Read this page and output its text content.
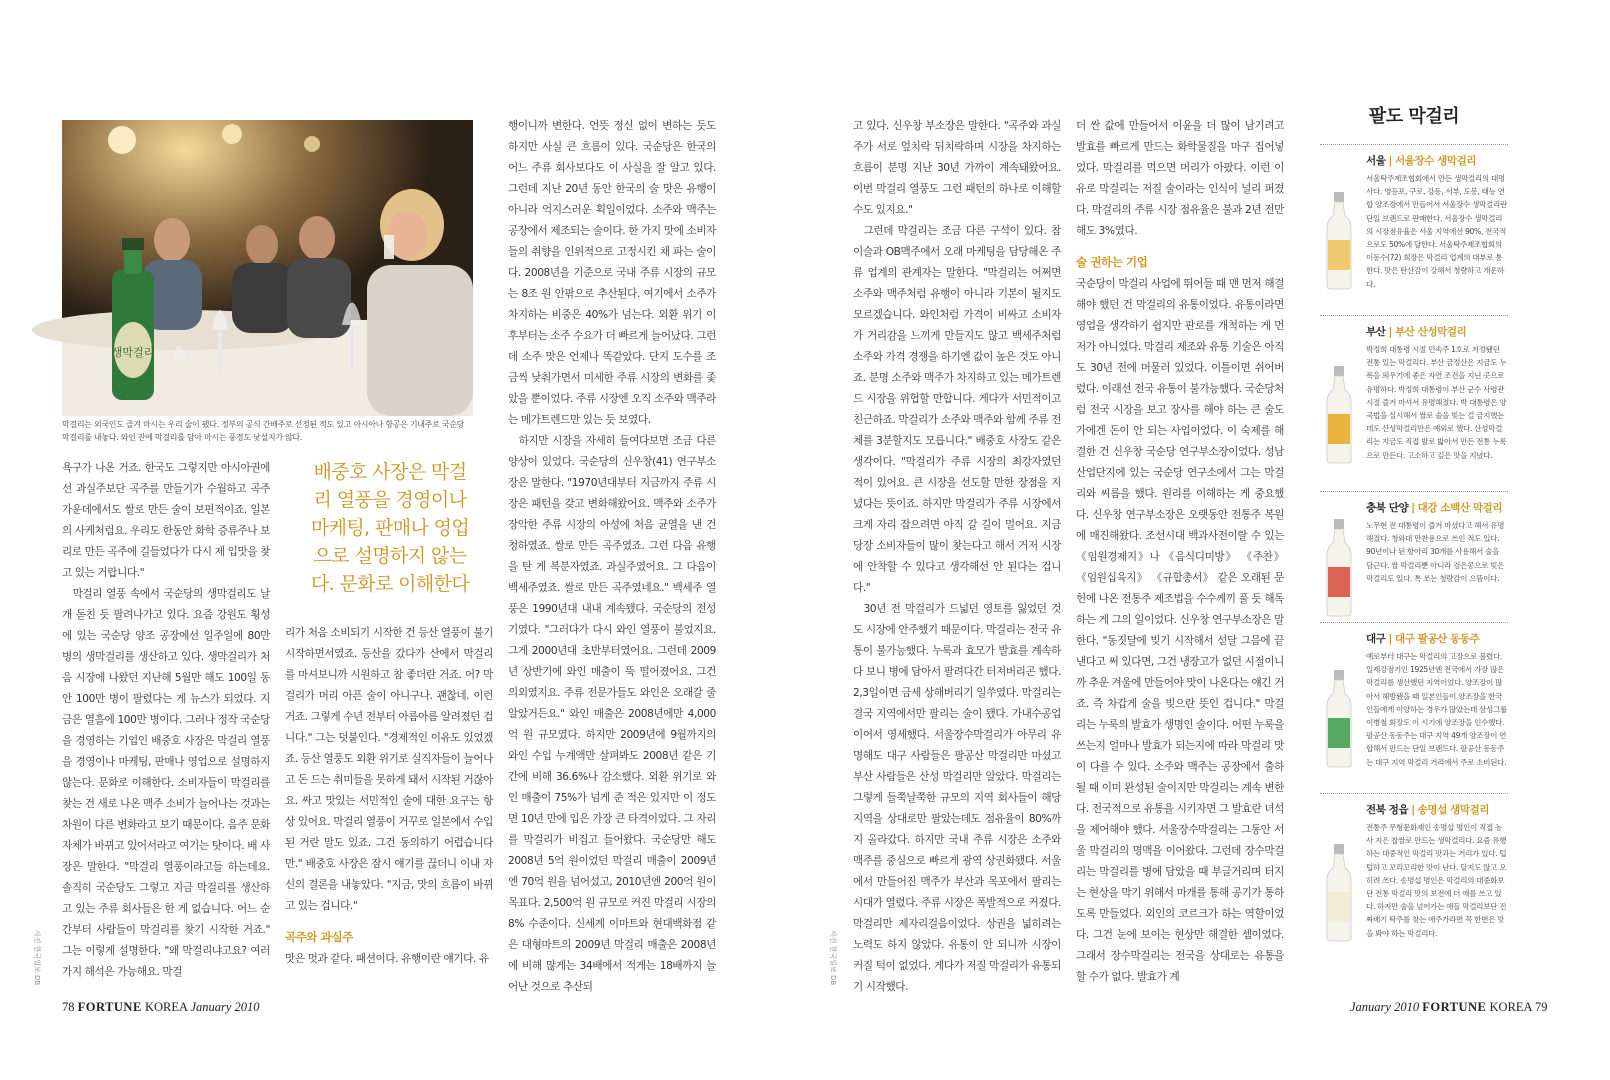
생막걸리
막걸리는 외국인도 즐겨 마시는 우리 술이 됐다. 정부의 공식 간배주로 선정된 적도 있고 아시아나 항공은 기내주로 국순당 막걸리를 내놓다. 와인 잔에 막걸리를 담아 마시는 풍경도 낯설지가 않다.

욕구가 나온 거죠. 한국도 그렇지만 아시아권에선 과실주보단 곡주를 만들기가 수월하고 곡주가운데에서도 쌀로 만든 술이 보편적이죠. 일본의 사케처럼요. 우리도 한동안 화학 증류주나 보리로 만든 곡주에 길들었다가 다시 제 입맛을 찾고 있는 거랍니다."

막걸리 열풍 속에서 국순당의 생막걸리도 날개 돋친 듯 팔려나가고 있다. 요즘 강원도 횡성에 있는 국순당 양조 공장에선 일주일에 80만 병의 생막걸리를 생산하고 있다. 생막걸리가 처음 시장에 나왔던 지난해 5월만 해도 100일 동안 100만 병이 팔렸다는 게 뉴스가 되었다. 지금은 열흘에 100만 병이다. 그러나 정작 국순당을 경영하는 기업인 배중호 사장은 막걸리 열풍을 경영이나 마케팅, 판매나 영업으로 설명하지 않는다. 문화로 이해한다. 소비자들이 막걸리를 찾는 건 새로 나온 맥주 소비가 늘어나는 것과는 차원이 다른 변화라고 보기 때문이다. 음주 문화 자체가 바뀌고 있어서라고 여기는 탓이다. 배 사장은 말한다. "막걸리 열풍이라고들 하는데요. 솔직히 국순당도 그렇고 지금 막걸리를 생산하고 있는 주류 회사들은 한 게 없습니다. 어느 순간부터 사람들이 막걸리를 찾기 시작한 거죠." 그는 이렇게 설명한다. "왜 막걸리냐고요? 여러 가지 해석은 가능해요. 막걸

배중호 사장은 막걸리 열풍을 경영이나 마케팅, 판매나 영업으로 설명하지 않는다. 문화로 이해한다

리가 처음 소비되기 시작한 건 등산 열풍이 불기 시작하면서였죠. 등산을 갔다가 산에서 막걸리를 마셔보니까 시원하고 참 좋더란 거죠. 어? 막걸리가 머리 아픈 술이 아니구나. 괜찮네. 이런 거죠. 그렇게 수년 전부터 아름아름 알려졌던 겁니다." 그는 덧붙인다. "경제적인 이유도 있었겠죠. 등산 열풍도 외환 위기로 실직자들이 늘어나고 돈 드는 취미들을 못하게 돼서 시작된 거잖아요. 싸고 맛있는 서민적인 술에 대한 요구는 항상 있어요. 막걸리 열풍이 거꾸로 일본에서 수입된 거란 말도 있죠. 그건 동의하기 어렵습니다만." 배중호 사장은 잠시 얘기를 끊더니 이내 자신의 결론을 내놓았다. "지금, 맛의 흐름이 바뀌고 있는 겁니다."

곡주와 과실주

맛은 멋과 같다. 패션이다. 유행이란 얘기다. 유

행이니까 변한다. 언뜻 정신 없이 변하는 듯도 하지만 사실 큰 흐름이 있다. 국순당은 한국의 어느 주류 회사보다도 이 사실을 잘 알고 있다. 그런데 지난 20년 동안 한국의 술 맛은 유행이 아니라 억지스러운 획일이었다. 소주와 맥주는 공장에서 제조되는 술이다. 한 가지 맛에 소비자들의 취향을 인위적으로 고정시킨 채 파는 술이다. 2008년을 기준으로 국내 주류 시장의 규모는 8조 원 안팎으로 추산된다. 여기에서 소주가 차지하는 비중은 40%가 넘는다. 외환 위기 이후부터는 소주 수요가 더 빠르게 늘어났다. 그런데 소주 맛은 언제나 똑같았다. 단지 도수를 조금씩 낮춰가면서 미세한 주류 시장의 변화를 좇았을 뿐이었다. 주류 시장엔 오직 소주와 맥주라는 메가트렌드만 있는 듯 보였다.

하지만 시장을 자세히 들여다보면 조금 다른 양상이 있었다. 국순당의 신우창(41) 연구부소장은 말한다. "1970년대부터 지금까지 주류 시장은 패턴을 갖고 변화해왔어요. 맥주와 소주가 장악한 주류 시장의 아성에 처음 균열을 낸 건 청하였죠. 쌀로 만든 곡주였죠. 그런 다음 유행을 탄 게 복분자였죠. 과실주였어요. 그 다음이 백세주였죠. 쌀로 만든 곡주였네요." 백세주 열풍은 1990년대 내내 계속됐다. 국순당의 전성기였다. "그러다가 다시 와인 열풍이 불었지요. 그게 2000년대 초반부터였어요. 그런데 2009년 상반기에 와인 매출이 뚝 떨어졌어요. 그건 의외였지요. 주류 전문가들도 와인은 오래갈 줄 알았거든요." 와인 매출은 2008년에만 4,000억 원 규모였다. 하지만 2009년에 9월까지의 와인 수입 누계액만 살펴봐도 2008년 같은 기간에 비해 36.6%나 감소했다. 외환 위기로 와인 매출이 75%가 넘게 준 적은 있지만 이 정도면 10년 만에 입은 가장 큰 타격이었다. 그 자리를 막걸리가 비집고 들어왔다. 국순당만 해도 2008년 5억 원이었던 막걸리 매출이 2009년엔 70억 원을 넘어섰고, 2010년엔 200억 원이 목표다. 2,500억 원 규모로 커진 막걸리 시장의 8% 수준이다. 신세계 이마트와 현대백화점 같은 대형마트의 2009년 막걸리 매출은 2008년에 비해 많게는 34배에서 적게는 18배까지 늘어난 것으로 추산되

사진 한국일보 DB
78 FORTUNE KOREA January 2010
사진 한국일보 DB

고 있다. 신우창 부소장은 말한다. "곡주와 과실주가 서로 엎치락 뒤치락하며 시장을 차지하는 흐름이 분명 지난 30년 가까이 계속돼왔어요. 이번 막걸리 열풍도 그런 패턴의 하나로 이해할 수도 있지요."

그런데 막걸리는 조금 다른 구석이 있다. 참이슬과 OB맥주에서 오래 마케팅을 담당해온 주류 업계의 관계자는 말한다. "막걸리는 어쩌면 소주와 맥주처럼 유행이 아니라 기본이 될지도 모르겠습니다. 와인처럼 가격이 비싸고 소비자가 거리감을 느끼게 만들지도 않고 백세주처럼 소주와 가격 경쟁을 하기엔 값이 높은 것도 아니죠. 분명 소주와 맥주가 차지하고 있는 메가트렌드 시장을 위협할 만합니다. 게다가 서민적이고 친근하죠. 막걸리가 소주와 맥주와 함께 주류 전체를 3분할지도 모릅니다." 배중호 사장도 같은 생각이다. "막걸리가 주류 시장의 최강자였던 적이 있어요. 큰 시장을 선도할 만한 장점을 지녔다는 뜻이죠. 하지만 막걸리가 주류 시장에서 크게 자리 잡으려면 아직 갈 길이 멀어요. 지금 당장 소비자들이 많이 찾는다고 해서 거저 시장에 안착할 수 있다고 생각해선 안 된다는 겁니다."

30년 전 막걸리가 드넓던 영토를 잃었던 것도 시장에 안주했기 때문이다. 막걸리는 전국 유통이 불가능했다. 누룩과 효모가 발효를 계속하다 보니 병에 담아서 팔려다간 터져버리곤 했다. 2,3일이면 금세 상해버리기 일쑤였다. 막걸리는 결국 지역에서만 팔리는 술이 됐다. 가내수공업이어서 영세했다. 서울장수막걸리가 아무리 유명해도 대구 사람들은 팔공산 막걸리만 마셨고 부산 사람들은 산성 막걸리만 알았다. 막걸리는 그렇게 들쭉날쭉한 규모의 지역 회사들이 해당 지역을 상대로만 팔았는데도 점유율이 80%까지 올라갔다. 하지만 국내 주류 시장은 소주와 맥주를 중심으로 빠르게 광역 상권화됐다. 서울에서 만들어진 맥주가 부산과 목포에서 팔리는 시대가 열렸다. 주류 시장은 폭발적으로 커졌다. 막걸리만 제자리걸음이었다. 상권을 넓히려는 노력도 하지 않았다. 유통이 안 되니까 시장이 커질 턱이 없었다. 게다가 저질 막걸리가 유통되기 시작했다.

더 싼 값에 만들어서 이윤을 더 많이 남기려고 발효를 빠르게 만드는 화학물질을 마구 집어넣었다. 막걸리를 먹으면 머리가 아팠다. 이런 이유로 막걸리는 저질 술이라는 인식이 널리 퍼졌다. 막걸리의 주류 시장 점유율은 불과 2년 전만 해도 3%였다.

술 권하는 기업

국순당이 막걸리 사업에 뛰어들 때 맨 먼저 해결해야 했던 건 막걸리의 유통이었다. 유통이라면 영업을 생각하기 쉽지만 판로를 개척하는 게 먼저가 아니었다. 막걸리 제조와 유통 기술은 아직도 30년 전에 머물러 있었다. 이틀이면 쉬어버렸다. 이래선 전국 유통이 불가능했다. 국순당처럼 전국 시장을 보고 장사를 해야 하는 큰 술도가에겐 돈이 안 되는 사업이었다. 이 숙제를 해결한 건 신우창 국순당 연구부소장이었다. 성남 산업단지에 있는 국순당 연구소에서 그는 막걸리와 씨름을 했다. 원리를 이해하는 게 중요했다. 신우창 연구부소장은 오랫동안 전통주 복원에 매진해왔다. 조선시대 백과사전이랄 수 있는 《임원경제지》나 《음식디미방》 《주찬》 《임원십육지》 《규합총서》 같은 오래된 문헌에 나온 전통주 제조법을 수수께끼 풀 듯 해독하는 게 그의 일이었다. 신우창 연구부소장은 말한다. "동짓달에 빚기 시작해서 섣달 그믐에 끝낸다고 써 있다면, 그건 냉장고가 없던 시절이니까 추운 겨울에 만들어야 맛이 나온다는 얘긴 거죠. 즉 차갑게 술을 빚으란 뜻인 겁니다." 막걸리는 누룩의 발효가 생명인 술이다. 어떤 누룩을 쓰는지 얼마나 발효가 되는지에 따라 막걸리 맛이 다를 수 있다. 소주와 맥주는 공장에서 출하될 때 이미 완성된 술이지만 막걸리는 계속 변한다. 전국적으로 유통을 시키자면 그 발효란 녀석을 제어해야 했다. 서울장수막걸리는 그동안 서울 막걸리의 명맥을 이어왔다. 그런데 장수막걸리는 막걸리를 병에 담았을 때 부글거리며 터지는 현상을 막기 위해서 마개를 통해 공기가 통하도록 만들었다. 외인의 코르크가 하는 역할이었다. 그건 눈에 보이는 현상만 해결한 셈이었다. 그래서 장수막걸리는 전국을 상대로는 유통을 할 수가 없다. 발효가 계

팔도 막걸리
서울 | 서울장수 생막걸리
서울탁주제조협회에서 만든 생막걸리의 대명사다. 영등포, 구로, 강동, 서부, 도봉, 태능 연합 양조장에서 만들어서 서울장수 생막걸리란 단일 브랜드로 판매한다. 서울장수 생막걸리의 시장점유율은 서울 지역에선 90%, 전국적으로도 50%에 달한다. 서울탁주제조협회의 이동수(72) 회장은 막걸리 업계의 대부로 통한다. 맛은 탄산감이 강해서 청량하고 개운하다.
부산 | 부산 산성막걸리
박정희 대통령 시절 민속주 1호로 지정됐던 전통 있는 막걸리다. 부산 금정산은 지금도 누룩을 띄우기에 좋은 자연 조건을 지닌 곳으로 유명하다. 박정희 대통령이 부산 군수 사령관 시절 즐겨 마셔서 유명해졌다. 박 대통령은 양곡법을 실시해서 쌀로 술을 빚는 걸 금지했는데도 산성막걸리만은 예외로 했다. 산성막걸리는 지금도 직접 발로 밟아서 만든 전통 누룩으로 만든다. 고소하고 깊은 맛을 지녔다.
충북 단양 | 대강 소백산 막걸리
노무현 전 대통령이 즐겨 마셨다고 해서 유명해졌다. 청와대 만찬용으로 쓰인 적도 있다. 90년이나 된 항아리 30개를 사용해서 술을 담근다. 쌀 막걸리뿐 아니라 검은콩으로 빚은 막걸리도 있다. 톡 쏘는 청량감이 으뜸이다.
대구 | 대구 팔공산 동동주
예로부터 대구는 막걸리의 고장으로 불렸다. 일제강점기인 1925년엔 전국에서 가장 많은 막걸리를 생산했던 지역이었다. 양조장이 많아서 해방됐을 때 일본인들이 양조장을 한국인들에게 이양하는 경우가 많았는데 삼성그룹 이병철 회장도 이 시기에 양조장을 인수했다. 팔공산 동동주는 대구 지역 49개 양조장이 연합해서 만드는 단일 브랜드다. 팔공산 동동주는 대구 지역 막걸리 거리에서 주로 소비된다.
전북 정읍 | 송명섭 생막걸리
전통주 무형문화재인 송명섭 명인이 직접 농사 지은 찹쌀로 만드는 생막걸리다. 요즘 유행하는 대중적인 막걸리 맛과는 거리가 있다. 텁텁하고 꼬리꼬리한 맛이 난다. 달지도 않고 오히려 쓰다. 송명섭 명인은 막걸리의 대중화보단 전통 막걸리 맛의 보전에 더 애를 쓰고 있다. 하지만 술을 넘어가는 애들 막걸리보단 진짜배기 탁주를 찾는 애주가라면 꼭 한번은 맛을 봐야 하는 막걸리다.
January 2010 FORTUNE KOREA 79
